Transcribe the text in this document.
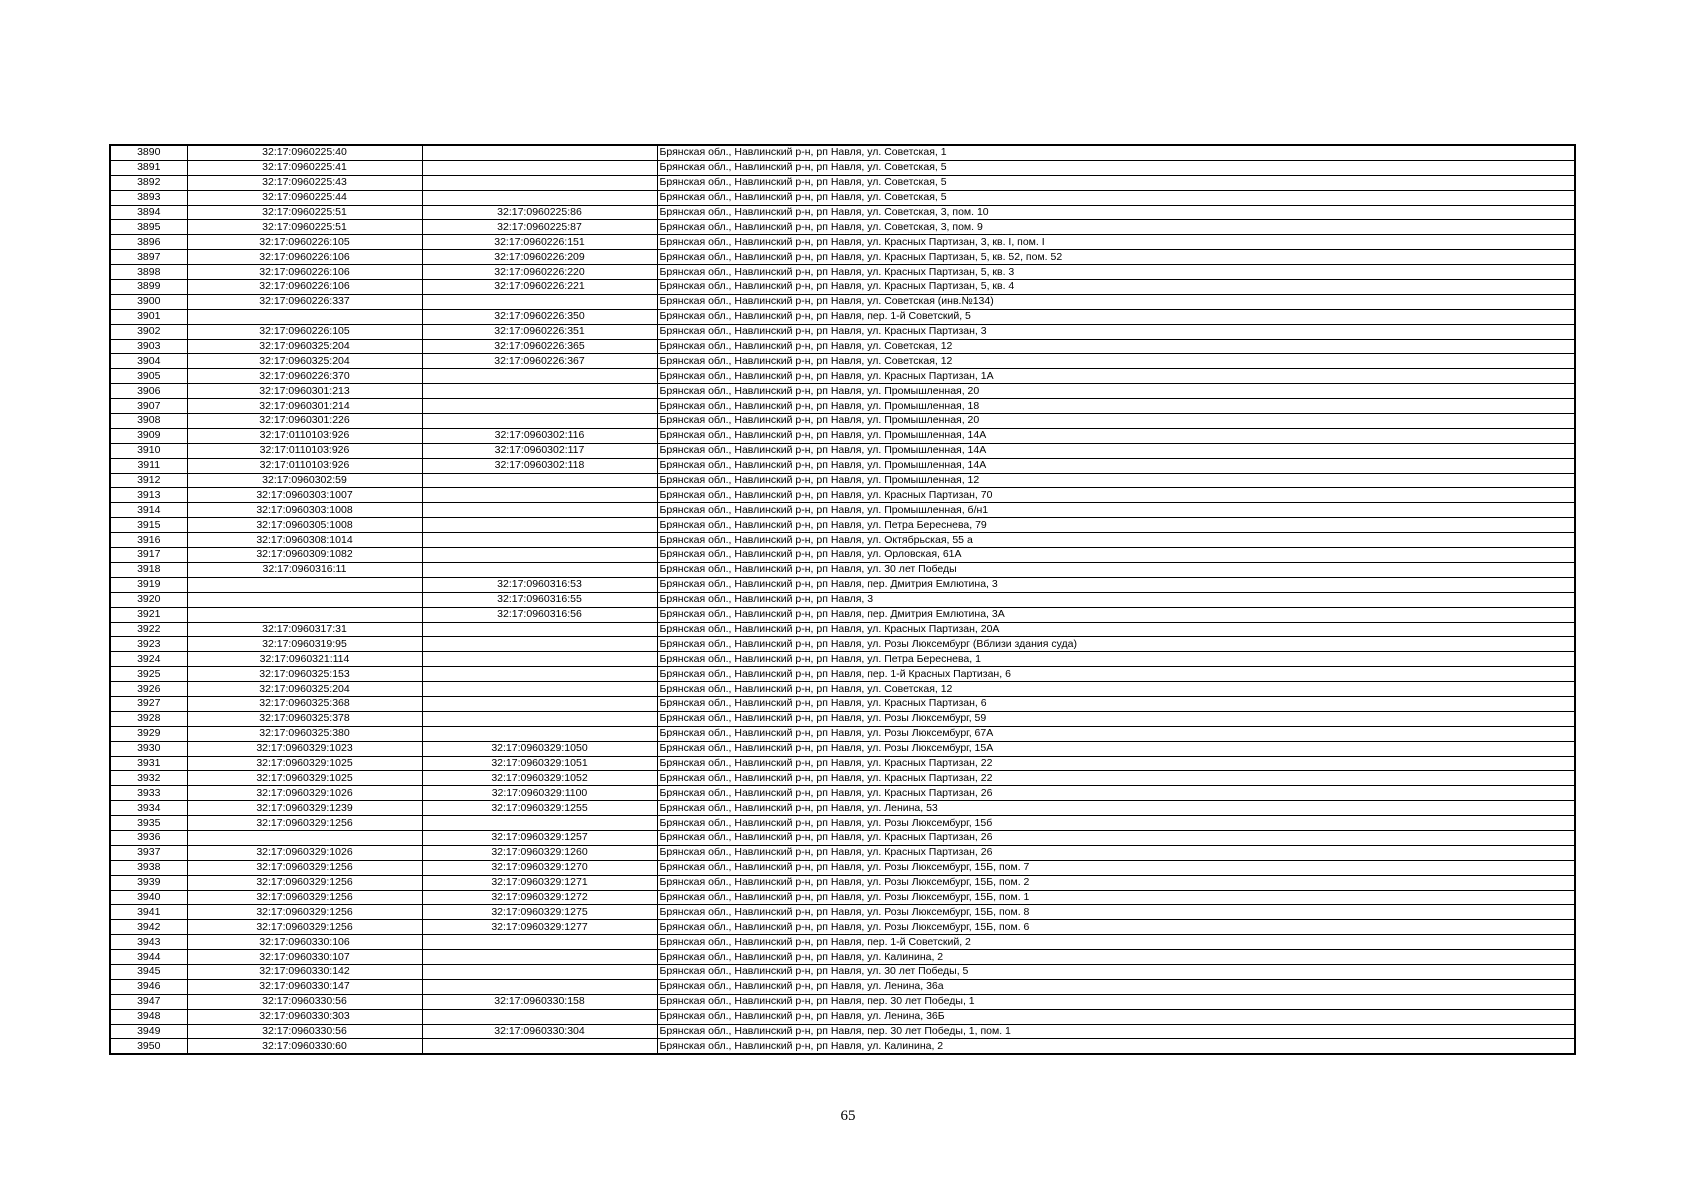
3890	32:17:0960225:40		Брянская обл., Навлинский р-н, рп Навля, ул. Советская, 1
3891	32:17:0960225:41		Брянская обл., Навлинский р-н, рп Навля, ул. Советская, 5
3892	32:17:0960225:43		Брянская обл., Навлинский р-н, рп Навля, ул. Советская, 5
3893	32:17:0960225:44		Брянская обл., Навлинский р-н, рп Навля, ул. Советская, 5
3894	32:17:0960225:51	32:17:0960225:86	Брянская обл., Навлинский р-н, рп Навля, ул. Советская, 3, пом. 10
3895	32:17:0960225:51	32:17:0960225:87	Брянская обл., Навлинский р-н, рп Навля, ул. Советская, 3, пом. 9
3896	32:17:0960226:105	32:17:0960226:151	Брянская обл., Навлинский р-н, рп Навля, ул. Красных Партизан, 3, кв. I, пом. I
3897	32:17:0960226:106	32:17:0960226:209	Брянская обл., Навлинский р-н, рп Навля, ул. Красных Партизан, 5, кв. 52, пом. 52
3898	32:17:0960226:106	32:17:0960226:220	Брянская обл., Навлинский р-н, рп Навля, ул. Красных Партизан, 5, кв. 3
3899	32:17:0960226:106	32:17:0960226:221	Брянская обл., Навлинский р-н, рп Навля, ул. Красных Партизан, 5, кв. 4
3900	32:17:0960226:337		Брянская обл., Навлинский р-н, рп Навля, ул. Советская (инв.№134)
3901		32:17:0960226:350	Брянская обл., Навлинский р-н, рп Навля, пер. 1-й Советский, 5
3902	32:17:0960226:105	32:17:0960226:351	Брянская обл., Навлинский р-н, рп Навля, ул. Красных Партизан, 3
3903	32:17:0960325:204	32:17:0960226:365	Брянская обл., Навлинский р-н, рп Навля, ул. Советская, 12
3904	32:17:0960325:204	32:17:0960226:367	Брянская обл., Навлинский р-н, рп Навля, ул. Советская, 12
3905	32:17:0960226:370		Брянская обл., Навлинский р-н, рп Навля, ул. Красных Партизан, 1А
3906	32:17:0960301:213		Брянская обл., Навлинский р-н, рп Навля, ул. Промышленная, 20
3907	32:17:0960301:214		Брянская обл., Навлинский р-н, рп Навля, ул. Промышленная, 18
3908	32:17:0960301:226		Брянская обл., Навлинский р-н, рп Навля, ул. Промышленная, 20
3909	32:17:0110103:926	32:17:0960302:116	Брянская обл., Навлинский р-н, рп Навля, ул. Промышленная, 14А
3910	32:17:0110103:926	32:17:0960302:117	Брянская обл., Навлинский р-н, рп Навля, ул. Промышленная, 14А
3911	32:17:0110103:926	32:17:0960302:118	Брянская обл., Навлинский р-н, рп Навля, ул. Промышленная, 14А
3912	32:17:0960302:59		Брянская обл., Навлинский р-н, рп Навля, ул. Промышленная, 12
3913	32:17:0960303:1007		Брянская обл., Навлинский р-н, рп Навля, ул. Красных Партизан, 70
3914	32:17:0960303:1008		Брянская обл., Навлинский р-н, рп Навля, ул. Промышленная, б/н1
3915	32:17:0960305:1008		Брянская обл., Навлинский р-н, рп Навля, ул. Петра Береснева, 79
3916	32:17:0960308:1014		Брянская обл., Навлинский р-н, рп Навля, ул. Октябрьская, 55 а
3917	32:17:0960309:1082		Брянская обл., Навлинский р-н, рп Навля, ул. Орловская, 61А
3918	32:17:0960316:11		Брянская обл., Навлинский р-н, рп Навля, ул. 30 лет Победы
3919		32:17:0960316:53	Брянская обл., Навлинский р-н, рп Навля, пер. Дмитрия Емлютина, 3
3920		32:17:0960316:55	Брянская обл., Навлинский р-н, рп Навля, 3
3921		32:17:0960316:56	Брянская обл., Навлинский р-н, рп Навля, пер. Дмитрия Емлютина, 3А
3922	32:17:0960317:31		Брянская обл., Навлинский р-н, рп Навля, ул. Красных Партизан, 20А
3923	32:17:0960319:95		Брянская обл., Навлинский р-н, рп Навля, ул. Розы Люксембург (Вблизи здания суда)
3924	32:17:0960321:114		Брянская обл., Навлинский р-н, рп Навля, ул. Петра Береснева, 1
3925	32:17:0960325:153		Брянская обл., Навлинский р-н, рп Навля, пер. 1-й Красных Партизан, 6
3926	32:17:0960325:204		Брянская обл., Навлинский р-н, рп Навля, ул. Советская, 12
3927	32:17:0960325:368		Брянская обл., Навлинский р-н, рп Навля, ул. Красных Партизан, 6
3928	32:17:0960325:378		Брянская обл., Навлинский р-н, рп Навля, ул. Розы Люксембург, 59
3929	32:17:0960325:380		Брянская обл., Навлинский р-н, рп Навля, ул. Розы Люксембург, 67А
3930	32:17:0960329:1023	32:17:0960329:1050	Брянская обл., Навлинский р-н, рп Навля, ул. Розы Люксембург, 15А
3931	32:17:0960329:1025	32:17:0960329:1051	Брянская обл., Навлинский р-н, рп Навля, ул. Красных Партизан, 22
3932	32:17:0960329:1025	32:17:0960329:1052	Брянская обл., Навлинский р-н, рп Навля, ул. Красных Партизан, 22
3933	32:17:0960329:1026	32:17:0960329:1100	Брянская обл., Навлинский р-н, рп Навля, ул. Красных Партизан, 26
3934	32:17:0960329:1239	32:17:0960329:1255	Брянская обл., Навлинский р-н, рп Навля, ул. Ленина, 53
3935	32:17:0960329:1256		Брянская обл., Навлинский р-н, рп Навля, ул. Розы Люксембург, 15б
3936		32:17:0960329:1257	Брянская обл., Навлинский р-н, рп Навля, ул. Красных Партизан, 26
3937	32:17:0960329:1026	32:17:0960329:1260	Брянская обл., Навлинский р-н, рп Навля, ул. Красных Партизан, 26
3938	32:17:0960329:1256	32:17:0960329:1270	Брянская обл., Навлинский р-н, рп Навля, ул. Розы Люксембург, 15Б, пом. 7
3939	32:17:0960329:1256	32:17:0960329:1271	Брянская обл., Навлинский р-н, рп Навля, ул. Розы Люксембург, 15Б, пом. 2
3940	32:17:0960329:1256	32:17:0960329:1272	Брянская обл., Навлинский р-н, рп Навля, ул. Розы Люксембург, 15Б, пом. 1
3941	32:17:0960329:1256	32:17:0960329:1275	Брянская обл., Навлинский р-н, рп Навля, ул. Розы Люксембург, 15Б, пом. 8
3942	32:17:0960329:1256	32:17:0960329:1277	Брянская обл., Навлинский р-н, рп Навля, ул. Розы Люксембург, 15Б, пом. 6
3943	32:17:0960330:106		Брянская обл., Навлинский р-н, рп Навля, пер. 1-й Советский, 2
3944	32:17:0960330:107		Брянская обл., Навлинский р-н, рп Навля, ул. Калинина, 2
3945	32:17:0960330:142		Брянская обл., Навлинский р-н, рп Навля, ул. 30 лет Победы, 5
3946	32:17:0960330:147		Брянская обл., Навлинский р-н, рп Навля, ул. Ленина, 36а
3947	32:17:0960330:56	32:17:0960330:158	Брянская обл., Навлинский р-н, рп Навля, пер. 30 лет Победы, 1
3948	32:17:0960330:303		Брянская обл., Навлинский р-н, рп Навля, ул. Ленина, 36Б
3949	32:17:0960330:56	32:17:0960330:304	Брянская обл., Навлинский р-н, рп Навля, пер. 30 лет Победы, 1, пом. 1
3950	32:17:0960330:60		Брянская обл., Навлинский р-н, рп Навля, ул. Калинина, 2
65
